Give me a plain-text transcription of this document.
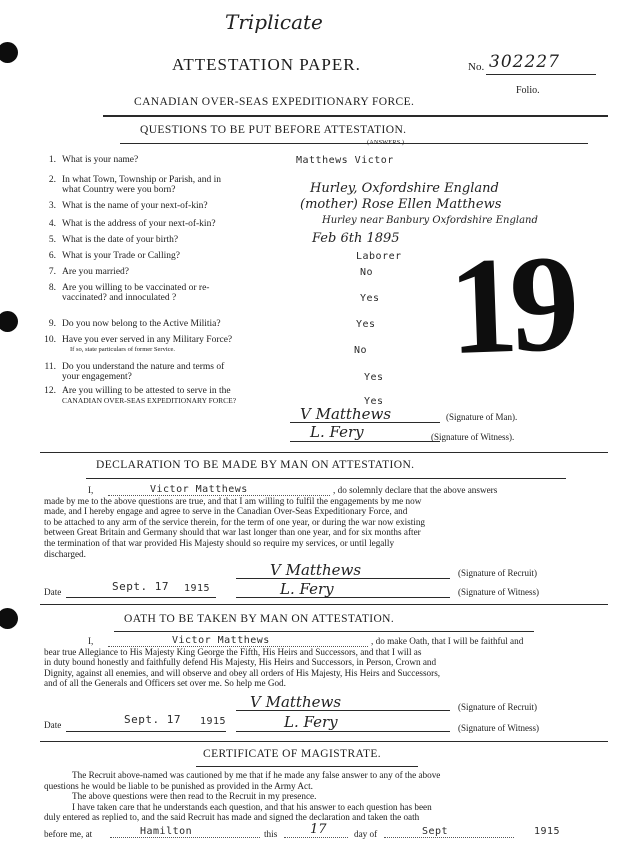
Triplicate
ATTESTATION PAPER.	No. 302227
Folio.
CANADIAN OVER-SEAS EXPEDITIONARY FORCE.
QUESTIONS TO BE PUT BEFORE ATTESTATION.
(ANSWERS.)
1. What is your name?	Matthews Victor
2. In what Town, Township or Parish, and in
what Country were you born?	Hurley, Oxfordshire England
3. What is the name of your next-of-kin?	(mother) Rose Ellen Matthews
4. What is the address of your next-of-kin?	Hurley near Banbury Oxfordshire England
5. What is the date of your birth?	Feb 6th 1895
6. What is your Trade or Calling?	Laborer
7. Are you married?	No
8. Are you willing to be vaccinated or re-
vaccinated? and innoculated ?	Yes
9. Do you now belong to the Active Militia?	Yes
10. Have you ever served in any Military Force?
If so, state particulars of former Service.	No
11. Do you understand the nature and terms of
your engagement?	Yes
12. Are you willing to be attested to serve in the
CANADIAN OVER-SEAS EXPEDITIONARY FORCE?	Yes
19
V Matthews	(Signature of Man).
L. Fery	(Signature of Witness).
DECLARATION TO BE MADE BY MAN ON ATTESTATION.
I,	Victor Matthews	, do solemnly declare that the above answers
made by me to the above questions are true, and that I am willing to fulfil the engagements by me now
made, and I hereby engage and agree to serve in the Canadian Over-Seas Expeditionary Force, and
to be attached to any arm of the service therein, for the term of one year, or during the war now existing
between Great Britain and Germany should that war last longer than one year, and for six months after
the termination of that war provided His Majesty should so require my services, or until legally
discharged.
V Matthews	(Signature of Recruit)
Date	Sept. 17 1915	L. Fery	(Signature of Witness)
OATH TO BE TAKEN BY MAN ON ATTESTATION.
I,	Victor Matthews	, do make Oath, that I will be faithful and
bear true Allegiance to His Majesty King George the Fifth, His Heirs and Successors, and that I will as
in duty bound honestly and faithfully defend His Majesty, His Heirs and Successors, in Person, Crown and
Dignity, against all enemies, and will observe and obey all orders of His Majesty, His Heirs and Successors,
and of all the Generals and Officers set over me. So help me God.
V Matthews	(Signature of Recruit)
Date	Sept. 17 1915	L. Fery	(Signature of Witness)
CERTIFICATE OF MAGISTRATE.
The Recruit above-named was cautioned by me that if he made any false answer to any of the above
questions he would be liable to be punished as provided in the Army Act.
The above questions were then read to the Recruit in my presence.
I have taken care that he understands each question, and that his answer to each question has been
duly entered as replied to, and the said Recruit has made and signed the declaration and taken the oath
before me, at	Hamilton	this	17	day of	Sept	1915
